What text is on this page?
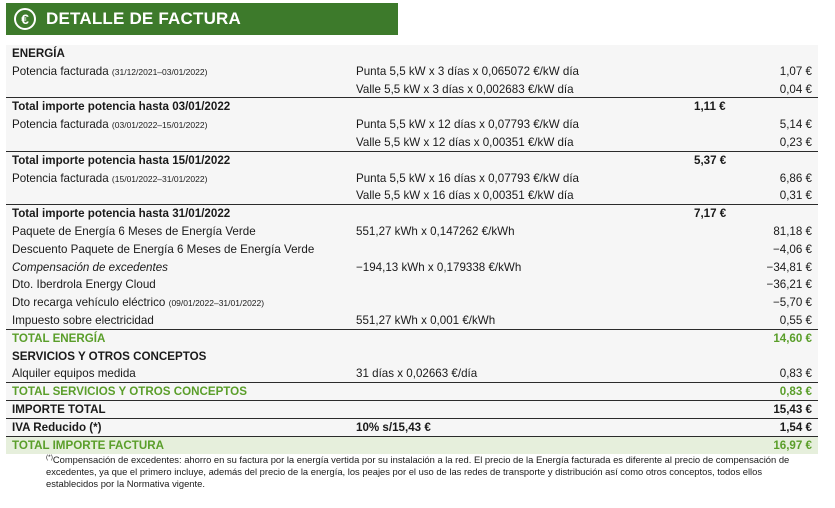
€	DETALLE DE FACTURA
ENERGÍA
Potencia facturada (31/12/2021–03/01/2022)	Punta 5,5 kW x 3 días x 0,065072 €/kW día	1,07 €
Valle 5,5 kW x 3 días x 0,002683 €/kW día	0,04 €
Total importe potencia hasta 03/01/2022	1,11 €
Potencia facturada (03/01/2022–15/01/2022)	Punta 5,5 kW x 12 días x 0,07793 €/kW día	5,14 €
Valle 5,5 kW x 12 días x 0,00351 €/kW día	0,23 €
Total importe potencia hasta 15/01/2022	5,37 €
Potencia facturada (15/01/2022–31/01/2022)	Punta 5,5 kW x 16 días x 0,07793 €/kW día	6,86 €
Valle 5,5 kW x 16 días x 0,00351 €/kW día	0,31 €
Total importe potencia hasta 31/01/2022	7,17 €
Paquete de Energía 6 Meses de Energía Verde	551,27 kWh x 0,147262 €/kWh	81,18 €
Descuento Paquete de Energía 6 Meses de Energía Verde	−4,06 €
Compensación de excedentes	−194,13 kWh x 0,179338 €/kWh	−34,81 €
Dto. Iberdrola Energy Cloud	−36,21 €
Dto recarga vehículo eléctrico (09/01/2022–31/01/2022)	−5,70 €
Impuesto sobre electricidad	551,27 kWh x 0,001 €/kWh	0,55 €
TOTAL ENERGÍA	14,60 €
SERVICIOS Y OTROS CONCEPTOS
Alquiler equipos medida	31 días x 0,02663 €/día	0,83 €
TOTAL SERVICIOS Y OTROS CONCEPTOS	0,83 €
IMPORTE TOTAL	15,43 €
IVA Reducido (*)	10% s/15,43 €	1,54 €
TOTAL IMPORTE FACTURA	16,97 €
(*)Compensación de excedentes: ahorro en su factura por la energía vertida por su instalación a la red. El precio de la Energía facturada es diferente al precio de compensación de excedentes, ya que el primero incluye, además del precio de la energía, los peajes por el uso de las redes de transporte y distribución así como otros conceptos, todos ellos establecidos por la Normativa vigente.
